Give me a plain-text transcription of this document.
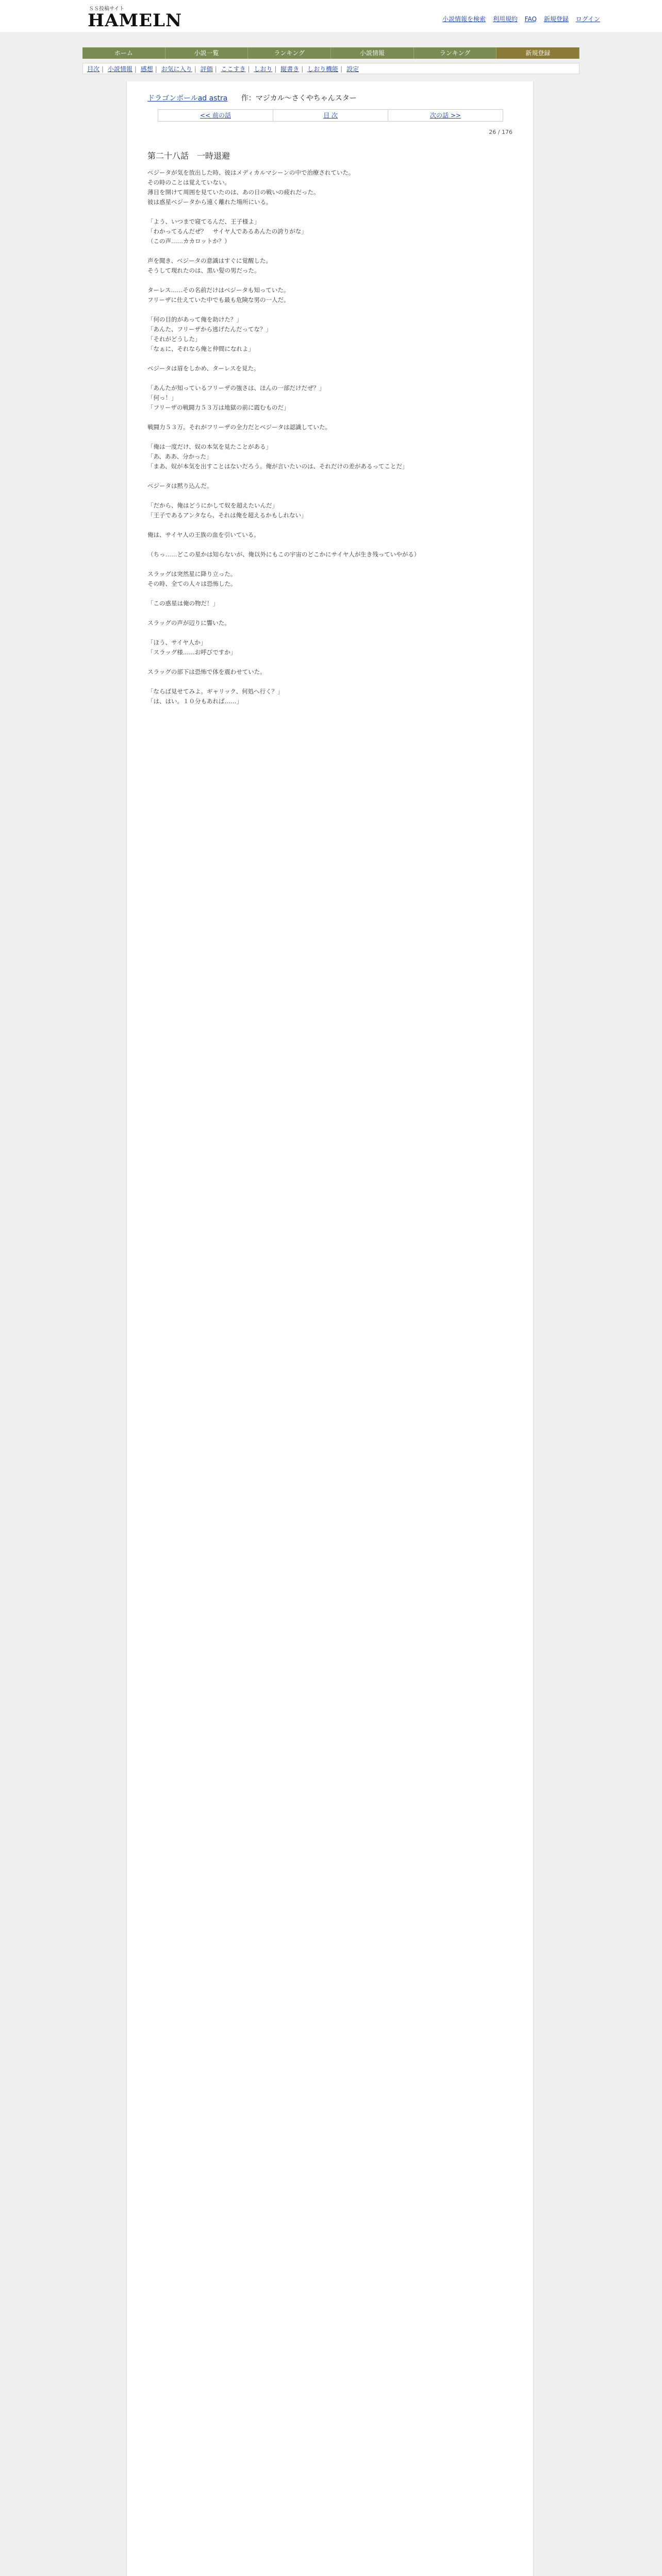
ＳＳ投稿サイト
HAMELN	小説情報を検索 利用規約 FAQ 新規登録 ログイン
ホーム	小説一覧	ランキング	小説情報	ランキング	新規登録
目次 | 小説情報 | 感想 | お気に入り | 評価 | ここすき | しおり | 縦書き | しおり機能 | 設定
ドラゴンボールad astra 作：マジカル～さくやちゃんスター
<< 前の話	目 次	次の話 >>
26 / 176
第二十八話　一時退避

ベジータが気を放出した時、彼はメディカルマシーンの中で治療されていた。

その時のことは覚えていない。

薄目を開けて周囲を見ていたのは、あの日の戦いの疲れだった。

彼は惑星ベジータから遠く離れた場所にいる。

「よう、いつまで寝てるんだ、王子様よ」

「わかってるんだぜ？　サイヤ人であるあんたの誇りがな」

（この声……カカロットか？）

声を聞き、ベジータの意識はすぐに覚醒した。

そうして現れたのは、黒い髪の男だった。

ターレス……その名前だけはベジータも知っていた。

フリーザに仕えていた中でも最も危険な男の一人だ。

「何の目的があって俺を助けた？」

「あんた、フリーザから逃げたんだってな？」

「それがどうした」

「なぁに、それなら俺と仲間になれよ」

ベジータは眉をしかめ、ターレスを見た。

「あんたが知っているフリーザの強さは、ほんの一部だけだぜ？」

「何っ！」

「フリーザの戦闘力５３万は地獄の前に霞むものだ」

戦闘力５３万。それがフリーザの全力だとベジータは認識していた。

「俺は一度だけ、奴の本気を見たことがある」

「あ、ああ、分かった」

「まあ、奴が本気を出すことはないだろう。俺が言いたいのは、それだけの差があるってことだ」

ベジータは黙り込んだ。

「だから、俺はどうにかして奴を超えたいんだ」

「王子であるアンタなら、それは俺を超えるかもしれない」

俺は、サイヤ人の王族の血を引いている。

（ちっ……どこの星かは知らないが、俺以外にもこの宇宙のどこかにサイヤ人が生き残っていやがる）

スラッグは突然星に降り立った。

その時、全ての人々は恐怖した。

「この惑星は俺の物だ！」

スラッグの声が辺りに響いた。

「ほう、サイヤ人か」

「スラッグ様……お呼びですか」

スラッグの部下は恐怖で体を震わせていた。

「ならば見せてみよ。ギャリック、何処へ行く？」

「は、はい。１０分もあれば……」
